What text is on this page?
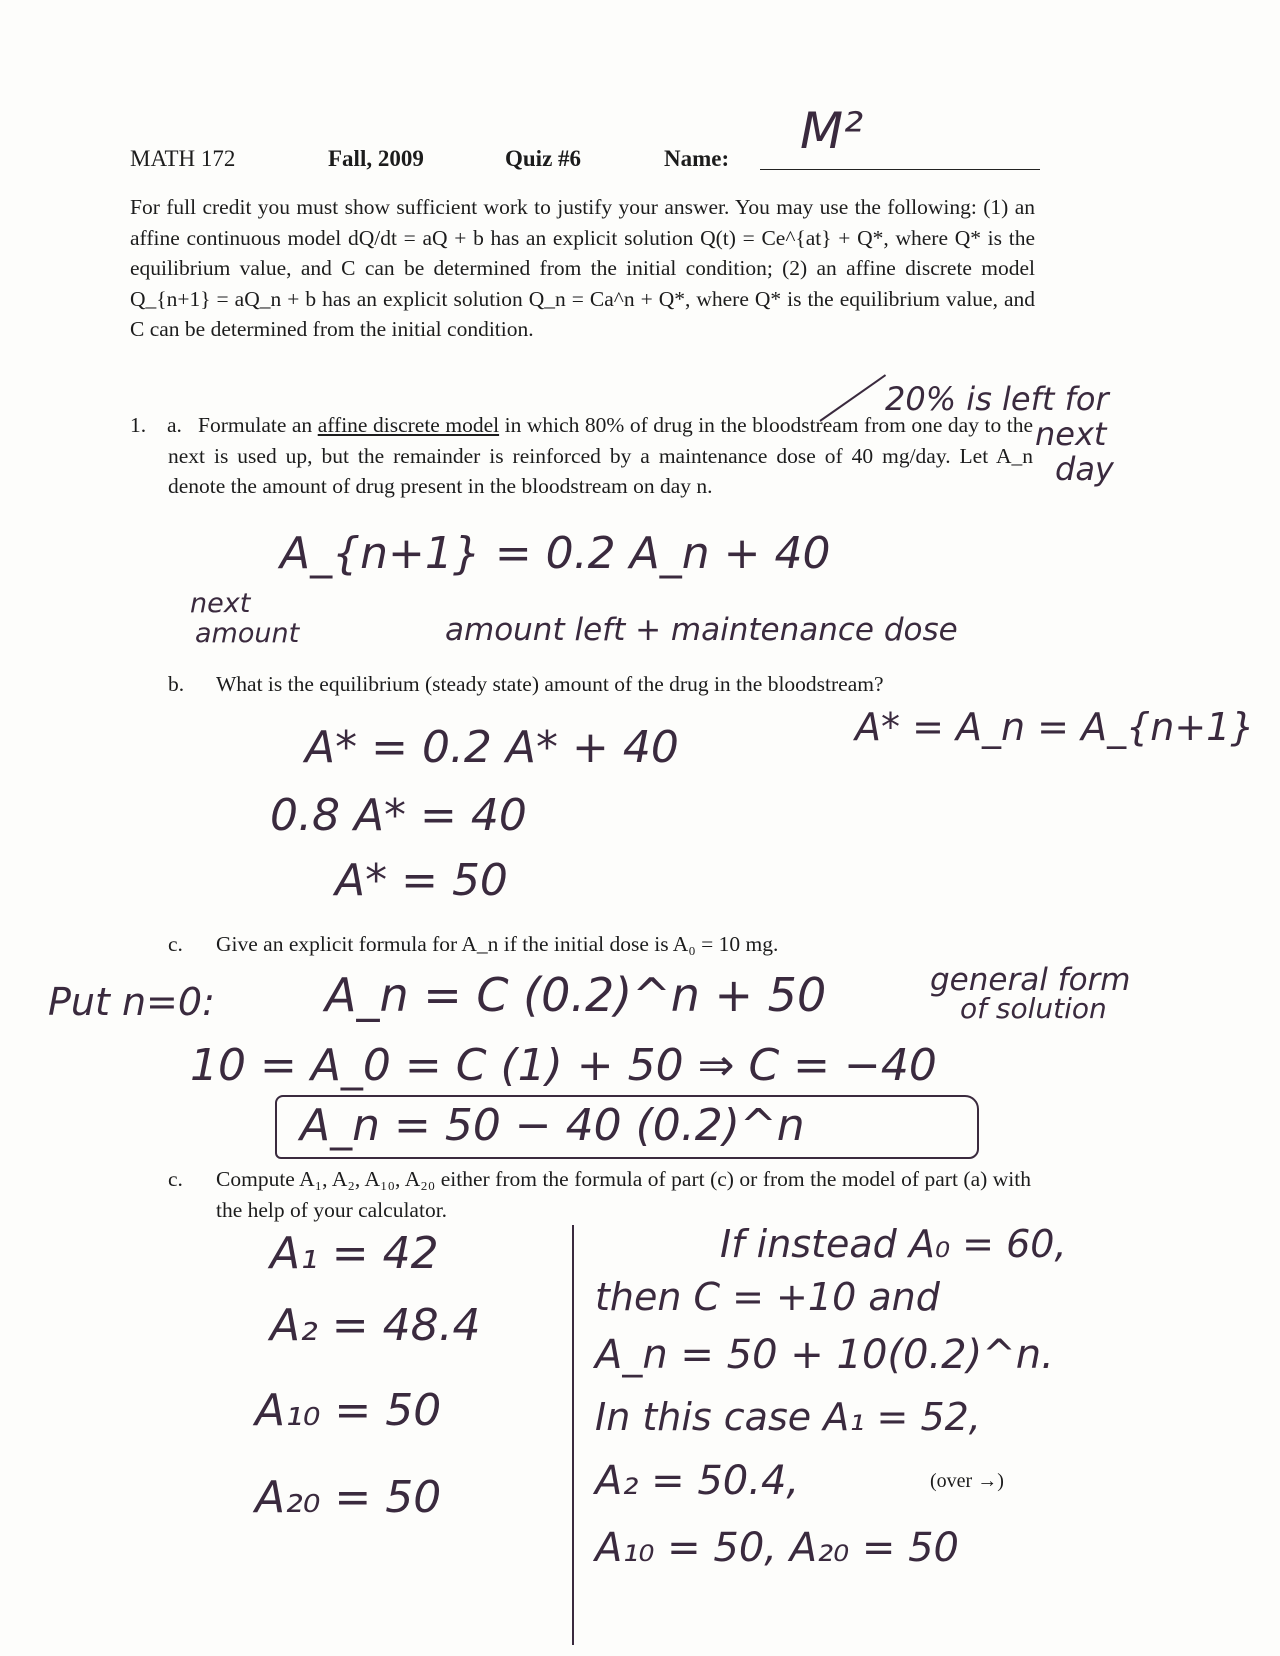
MATH 172	Fall, 2009	Quiz #6	Name: M²
For full credit you must show sufficient work to justify your answer. You may use the following: (1) an affine continuous model dQ/dt = aQ + b has an explicit solution Q(t) = Ce^{at} + Q*, where Q* is the equilibrium value, and C can be determined from the initial condition; (2) an affine discrete model Q_{n+1} = aQ_n + b has an explicit solution Q_n = Ca^n + Q*, where Q* is the equilibrium value, and C can be determined from the initial condition.
1. a. Formulate an affine discrete model in which 80% of drug in the bloodstream from one day to the next is used up, but the remainder is reinforced by a maintenance dose of 40 mg/day. Let A_n denote the amount of drug present in the bloodstream on day n.
20% is left for
next
day
A_{n+1} = 0.2 A_n + 40
next
amount	amount left + maintenance dose
b. What is the equilibrium (steady state) amount of the drug in the bloodstream?
A* = A_n = A_{n+1}
A* = 0.2 A* + 40
0.8 A* = 40
A* = 50
c. Give an explicit formula for A_n if the initial dose is A₀ = 10 mg.
Put n=0: A_n = C (0.2)^n + 50	general form
of solution
10 = A_0 = C (1) + 50 ⇒ C = −40
A_n = 50 − 40 (0.2)^n
c. Compute A₁, A₂, A₁₀, A₂₀ either from the formula of part (c) or from the model of part (a) with the help of your calculator.
A₁ = 42
A₂ = 48.4
A₁₀ = 50
A₂₀ = 50
If instead A₀ = 60,
then C = +10 and
A_n = 50 + 10(0.2)^n.
In this case A₁ = 52,
A₂ = 50.4,
A₁₀ = 50, A₂₀ = 50
(over →)
